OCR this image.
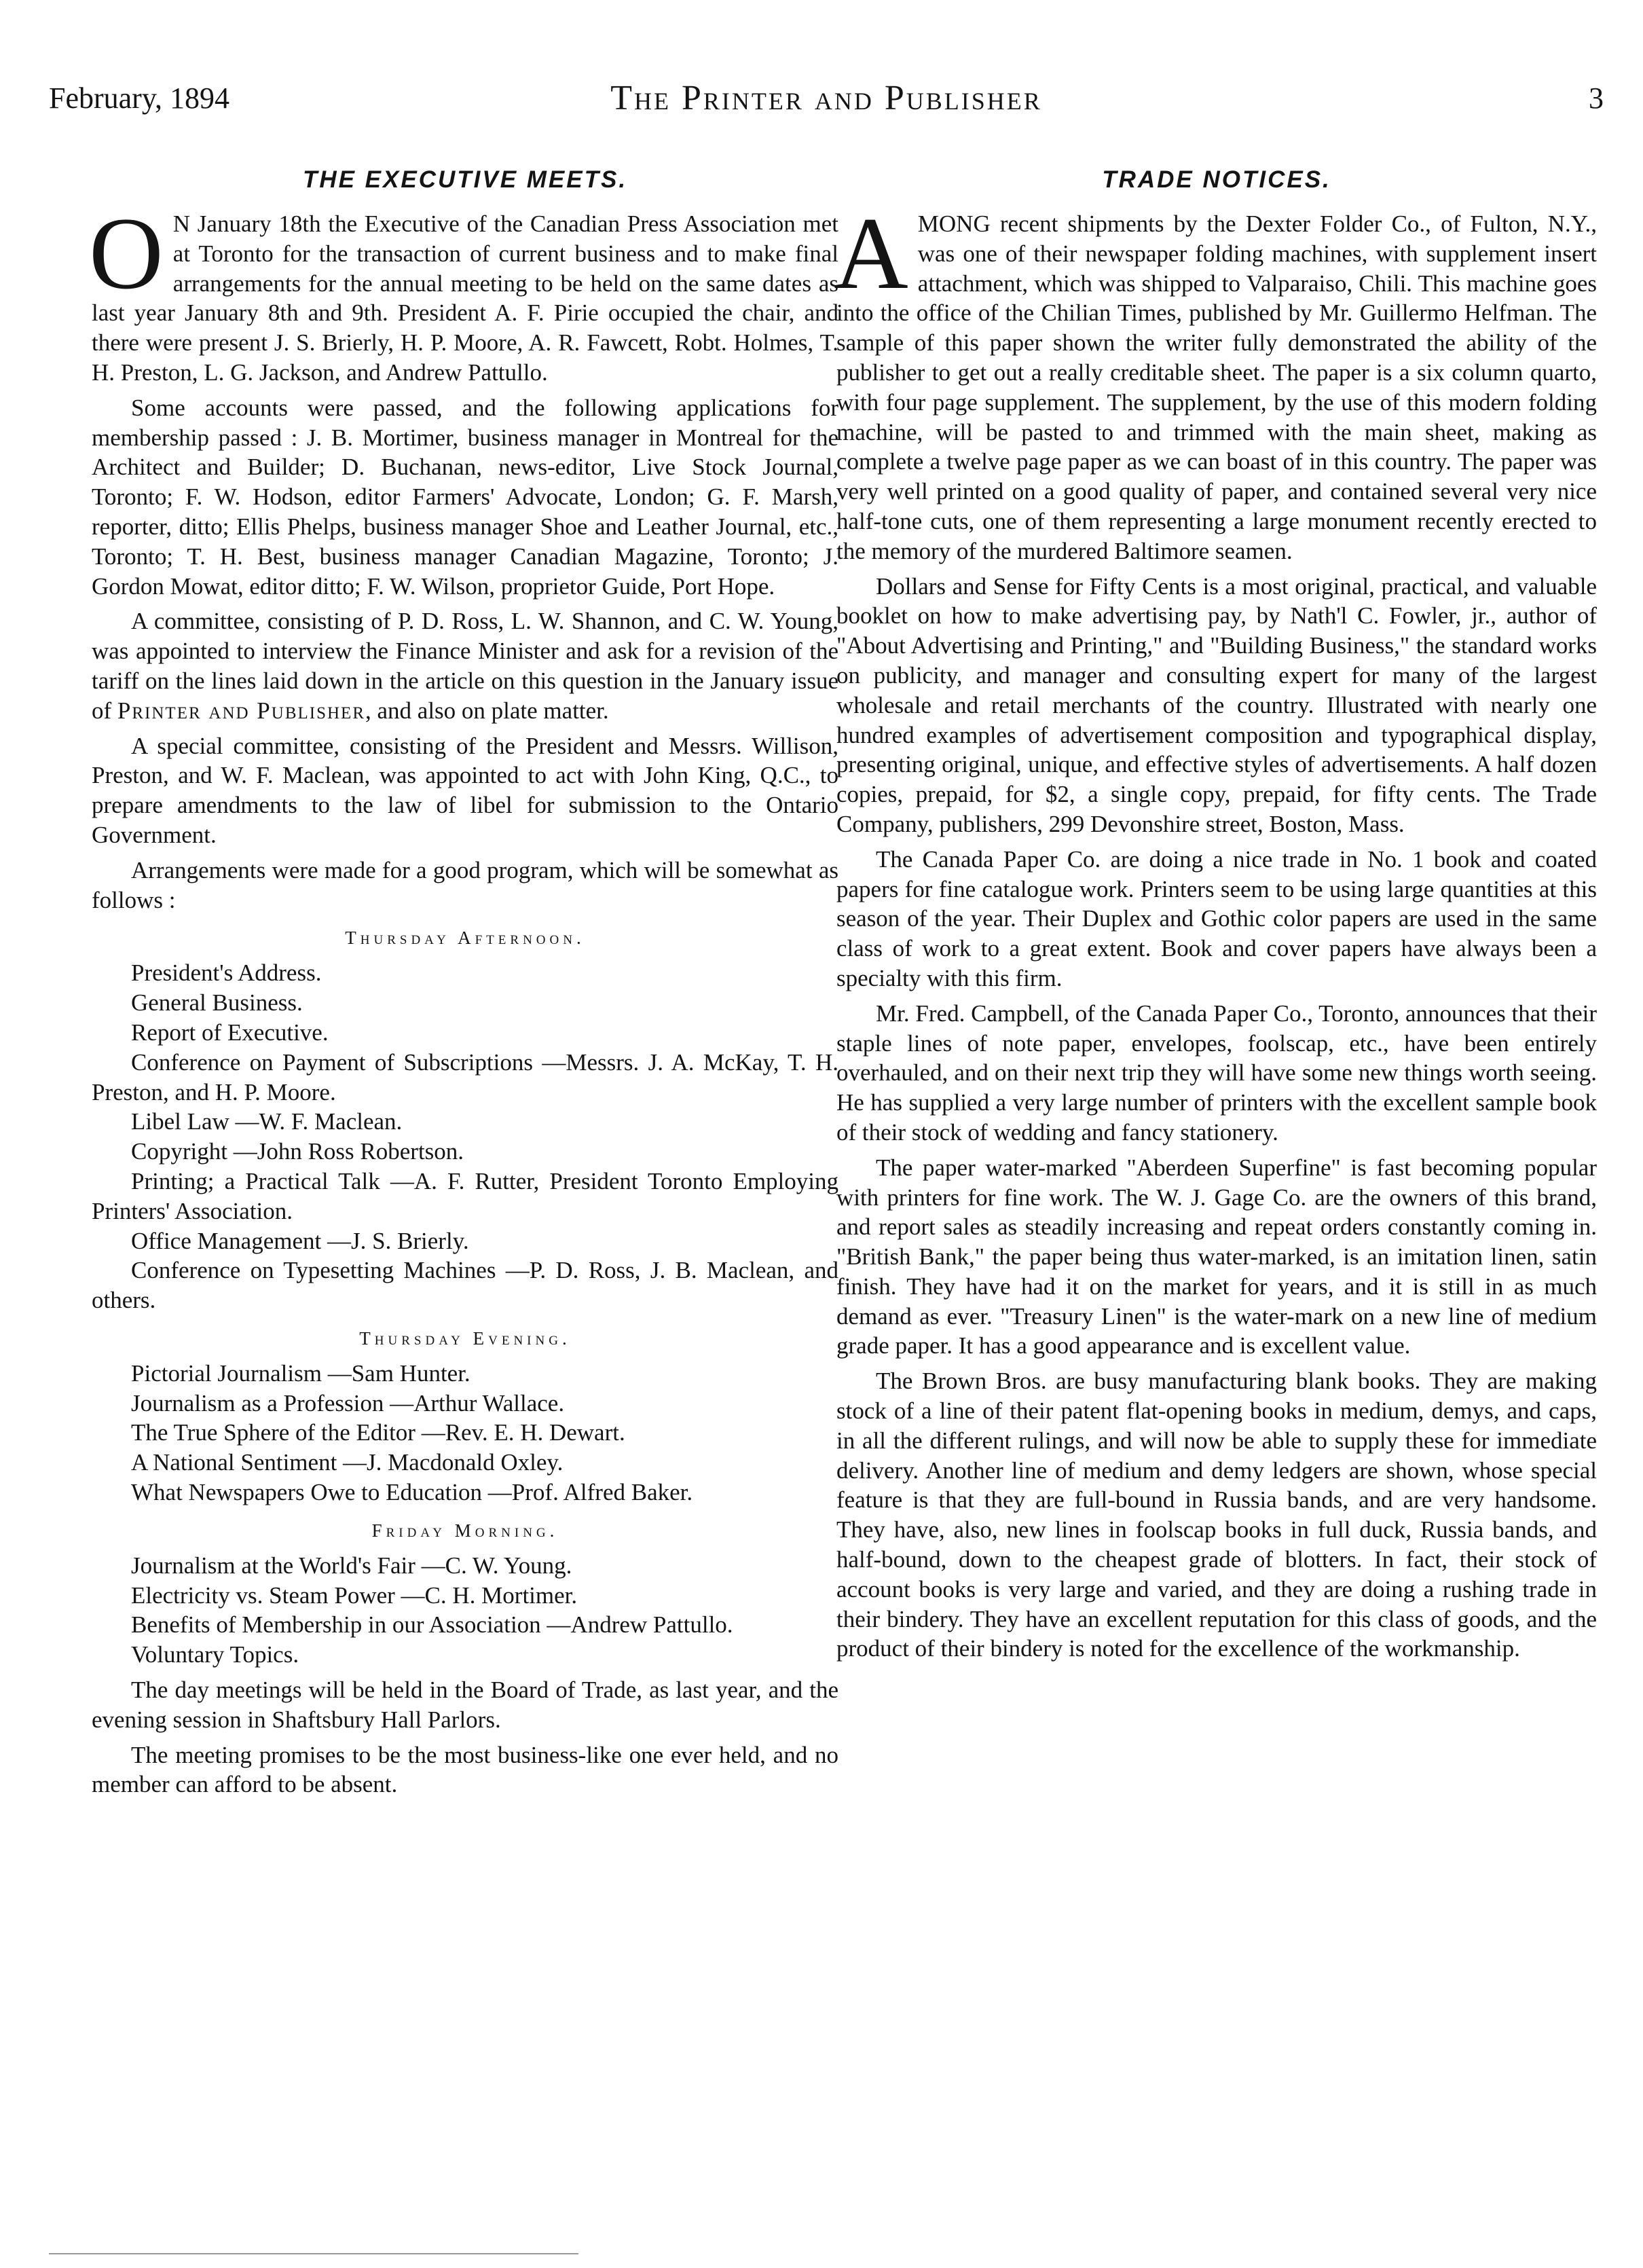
February, 1894	The Printer and Publisher	3
THE EXECUTIVE MEETS.

O N January 18th the Executive of the Canadian Press Association met at Toronto for the transaction of current business and to make final arrangements for the annual meeting to be held on the same dates as last year January 8th and 9th. President A. F. Pirie occupied the chair, and there were present J. S. Brierly, H. P. Moore, A. R. Fawcett, Robt. Holmes, T. H. Preston, L. G. Jackson, and Andrew Pattullo.

Some accounts were passed, and the following applications for membership passed : J. B. Mortimer, business manager in Montreal for the Architect and Builder; D. Buchanan, news-editor, Live Stock Journal, Toronto; F. W. Hodson, editor Farmers' Advocate, London; G. F. Marsh, reporter, ditto; Ellis Phelps, business manager Shoe and Leather Journal, etc., Toronto; T. H. Best, business manager Canadian Magazine, Toronto; J. Gordon Mowat, editor ditto; F. W. Wilson, proprietor Guide, Port Hope.

A committee, consisting of P. D. Ross, L. W. Shannon, and C. W. Young, was appointed to interview the Finance Minister and ask for a revision of the tariff on the lines laid down in the article on this question in the January issue of Printer and Publisher, and also on plate matter.

A special committee, consisting of the President and Messrs. Willison, Preston, and W. F. Maclean, was appointed to act with John King, Q.C., to prepare amendments to the law of libel for submission to the Ontario Government.

Arrangements were made for a good program, which will be somewhat as follows :

Thursday Afternoon.
President's Address.
General Business.
Report of Executive.
Conference on Payment of Subscriptions —Messrs. J. A. McKay, T. H. Preston, and H. P. Moore.
Libel Law —W. F. Maclean.
Copyright —John Ross Robertson.
Printing; a Practical Talk —A. F. Rutter, President Toronto Employing Printers' Association.
Office Management —J. S. Brierly.
Conference on Typesetting Machines —P. D. Ross, J. B. Maclean, and others.
Thursday Evening.
Pictorial Journalism —Sam Hunter.
Journalism as a Profession —Arthur Wallace.
The True Sphere of the Editor —Rev. E. H. Dewart.
A National Sentiment —J. Macdonald Oxley.
What Newspapers Owe to Education —Prof. Alfred Baker.
Friday Morning.
Journalism at the World's Fair —C. W. Young.
Electricity vs. Steam Power —C. H. Mortimer.
Benefits of Membership in our Association —Andrew Pattullo.
Voluntary Topics.

The day meetings will be held in the Board of Trade, as last year, and the evening session in Shaftsbury Hall Parlors.

The meeting promises to be the most business-like one ever held, and no member can afford to be absent.

TRADE NOTICES.

AMONG recent shipments by the Dexter Folder Co., of Fulton, N.Y., was one of their newspaper folding machines, with supplement insert attachment, which was shipped to Valparaiso, Chili. This machine goes into the office of the Chilian Times, published by Mr. Guillermo Helfman. The sample of this paper shown the writer fully demonstrated the ability of the publisher to get out a really creditable sheet. The paper is a six column quarto, with four page supplement. The supplement, by the use of this modern folding machine, will be pasted to and trimmed with the main sheet, making as complete a twelve page paper as we can boast of in this country. The paper was very well printed on a good quality of paper, and contained several very nice half-tone cuts, one of them representing a large monument recently erected to the memory of the murdered Baltimore seamen.

Dollars and Sense for Fifty Cents is a most original, practical, and valuable booklet on how to make advertising pay, by Nath'l C. Fowler, jr., author of "About Advertising and Printing," and "Building Business," the standard works on publicity, and manager and consulting expert for many of the largest wholesale and retail merchants of the country. Illustrated with nearly one hundred examples of advertisement composition and typographical display, presenting original, unique, and effective styles of advertisements. A half dozen copies, prepaid, for $2, a single copy, prepaid, for fifty cents. The Trade Company, publishers, 299 Devonshire street, Boston, Mass.

The Canada Paper Co. are doing a nice trade in No. 1 book and coated papers for fine catalogue work. Printers seem to be using large quantities at this season of the year. Their Duplex and Gothic color papers are used in the same class of work to a great extent. Book and cover papers have always been a specialty with this firm.

Mr. Fred. Campbell, of the Canada Paper Co., Toronto, announces that their staple lines of note paper, envelopes, foolscap, etc., have been entirely overhauled, and on their next trip they will have some new things worth seeing. He has supplied a very large number of printers with the excellent sample book of their stock of wedding and fancy stationery.

The paper water-marked "Aberdeen Superfine" is fast becoming popular with printers for fine work. The W. J. Gage Co. are the owners of this brand, and report sales as steadily increasing and repeat orders constantly coming in. "British Bank," the paper being thus water-marked, is an imitation linen, satin finish. They have had it on the market for years, and it is still in as much demand as ever. "Treasury Linen" is the water-mark on a new line of medium grade paper. It has a good appearance and is excellent value.

The Brown Bros. are busy manufacturing blank books. They are making stock of a line of their patent flat-opening books in medium, demys, and caps, in all the different rulings, and will now be able to supply these for immediate delivery. Another line of medium and demy ledgers are shown, whose special feature is that they are full-bound in Russia bands, and are very handsome. They have, also, new lines in foolscap books in full duck, Russia bands, and half-bound, down to the cheapest grade of blotters. In fact, their stock of account books is very large and varied, and they are doing a rushing trade in their bindery. They have an excellent reputation for this class of goods, and the product of their bindery is noted for the excellence of the workmanship.
